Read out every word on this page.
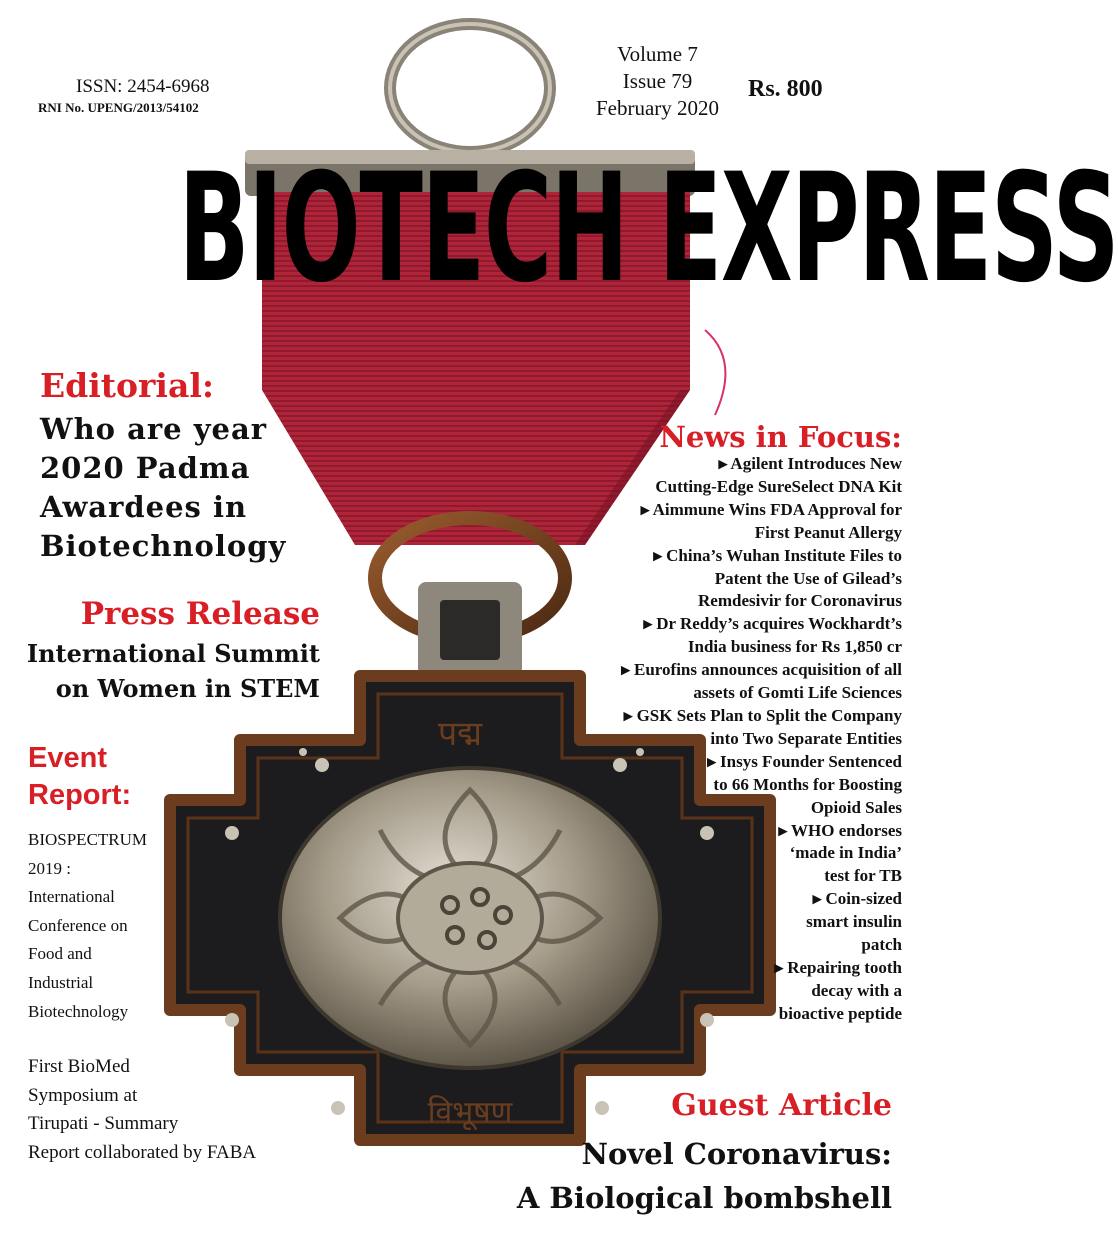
पद्म
विभूषण
ISSN: 2454-6968
RNI No. UPENG/2013/54102
Volume 7
Issue 79
February 2020
Rs. 800
BIOTECH EXPRESS
Editorial:
Who are year
2020 Padma
Awardees in
Biotechnology
Press Release
International Summit
on Women in STEM
Event
Report:
BIOSPECTRUM
2019 :
International
Conference on
Food and
Industrial
Biotechnology
First BioMed
Symposium at
Tirupati - Summary
Report collaborated by FABA
News in Focus:
▸ Agilent Introduces New
Cutting-Edge SureSelect DNA Kit
▸ Aimmune Wins FDA Approval for
First Peanut Allergy
▸ China’s Wuhan Institute Files to
Patent the Use of Gilead’s
Remdesivir for Coronavirus
▸ Dr Reddy’s acquires Wockhardt’s
India business for Rs 1,850 cr
▸ Eurofins announces acquisition of all
assets of Gomti Life Sciences
▸ GSK Sets Plan to Split the Company
into Two Separate Entities
▸ Insys Founder Sentenced
to 66 Months for Boosting
Opioid Sales
▸ WHO endorses
‘made in India’
test for TB
▸ Coin-sized
smart insulin
patch
▸ Repairing tooth
decay with a
bioactive peptide
Guest Article
Novel Coronavirus:
A Biological bombshell
